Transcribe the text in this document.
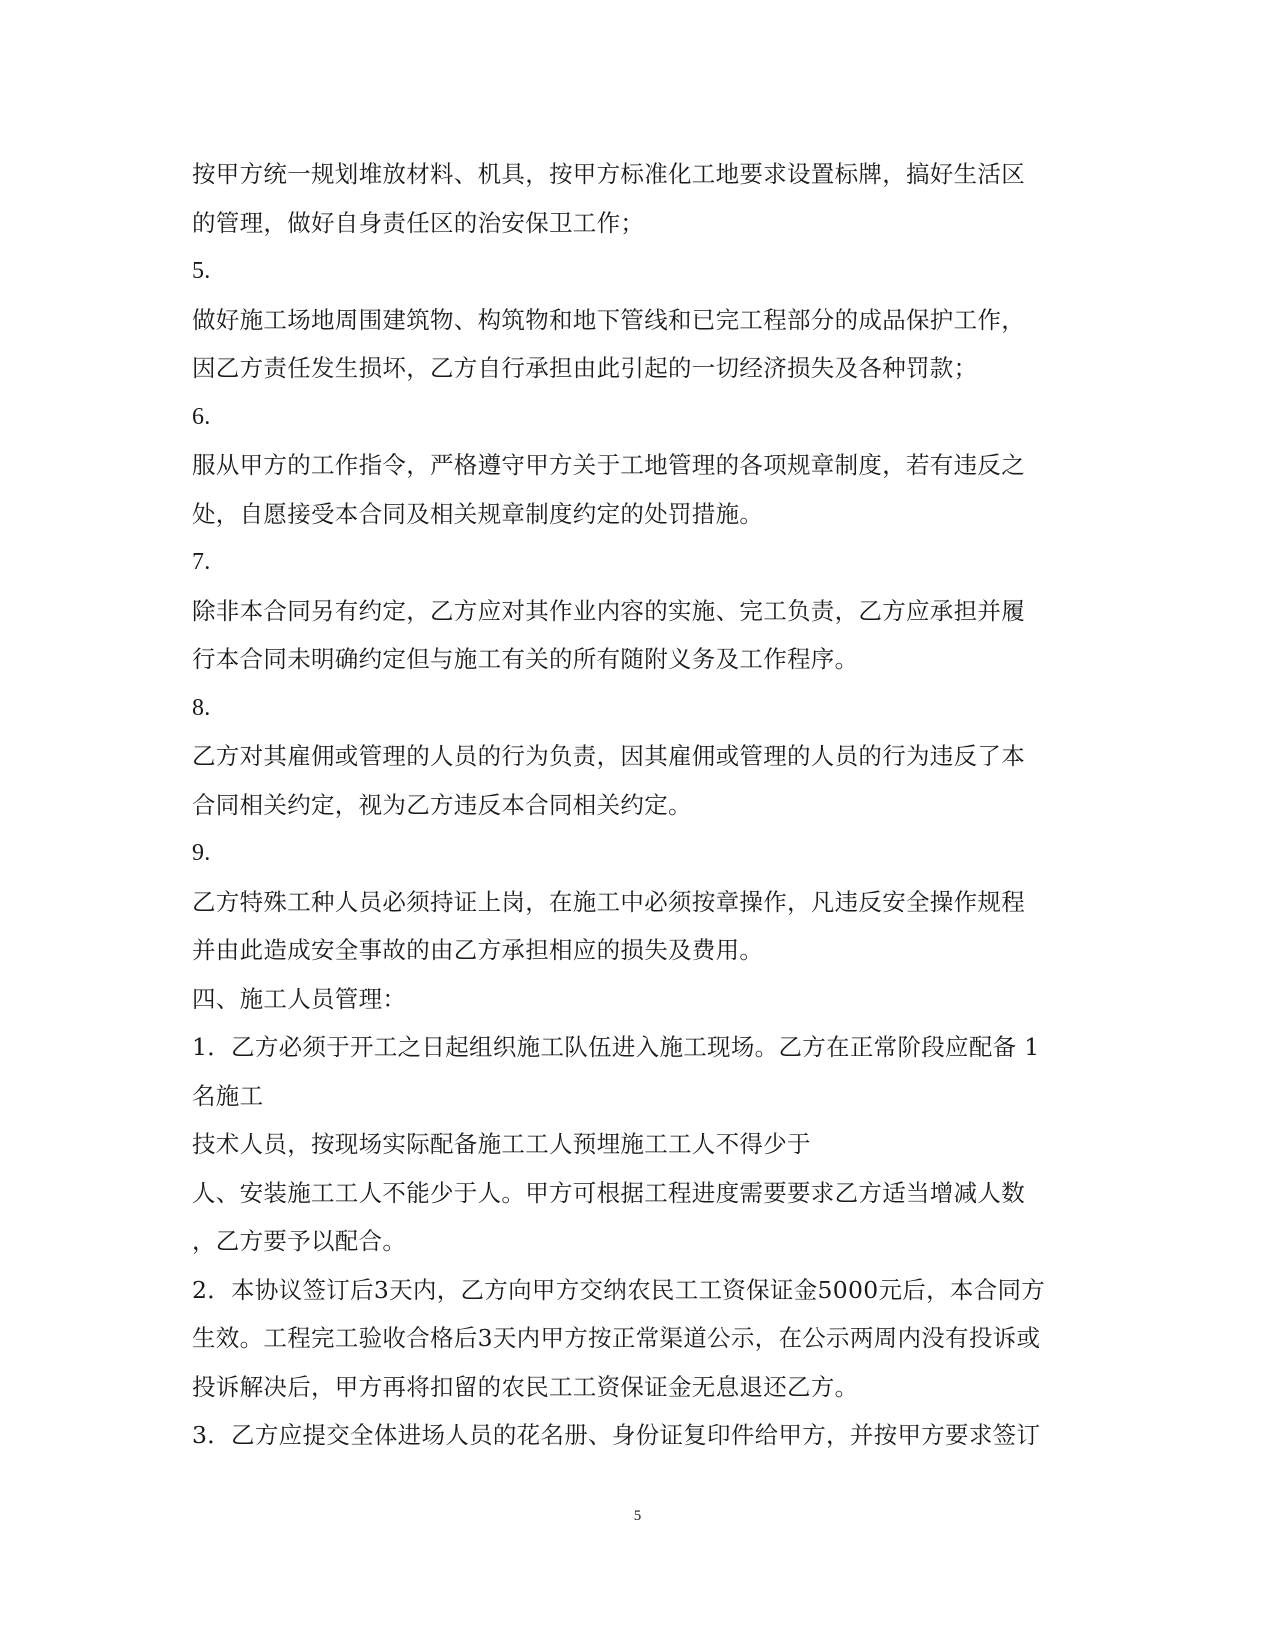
按甲方统一规划堆放材料、机具，按甲方标准化工地要求设置标牌，搞好生活区
的管理，做好自身责任区的治安保卫工作；
5.
做好施工场地周围建筑物、构筑物和地下管线和已完工程部分的成品保护工作，
因乙方责任发生损坏，乙方自行承担由此引起的一切经济损失及各种罚款；
6.
服从甲方的工作指令，严格遵守甲方关于工地管理的各项规章制度，若有违反之
处，自愿接受本合同及相关规章制度约定的处罚措施。
7.
除非本合同另有约定，乙方应对其作业内容的实施、完工负责，乙方应承担并履
行本合同未明确约定但与施工有关的所有随附义务及工作程序。
8.
乙方对其雇佣或管理的人员的行为负责，因其雇佣或管理的人员的行为违反了本
合同相关约定，视为乙方违反本合同相关约定。
9.
乙方特殊工种人员必须持证上岗，在施工中必须按章操作，凡违反安全操作规程
并由此造成安全事故的由乙方承担相应的损失及费用。
四、施工人员管理：
1．乙方必须于开工之日起组织施工队伍进入施工现场。乙方在正常阶段应配备 1
名施工
技术人员，按现场实际配备施工工人预埋施工工人不得少于
人、安装施工工人不能少于人。甲方可根据工程进度需要要求乙方适当增减人数
，乙方要予以配合。
2．本协议签订后3天内，乙方向甲方交纳农民工工资保证金5000元后，本合同方
生效。工程完工验收合格后3天内甲方按正常渠道公示，在公示两周内没有投诉或
投诉解决后，甲方再将扣留的农民工工资保证金无息退还乙方。
3．乙方应提交全体进场人员的花名册、身份证复印件给甲方，并按甲方要求签订
5
